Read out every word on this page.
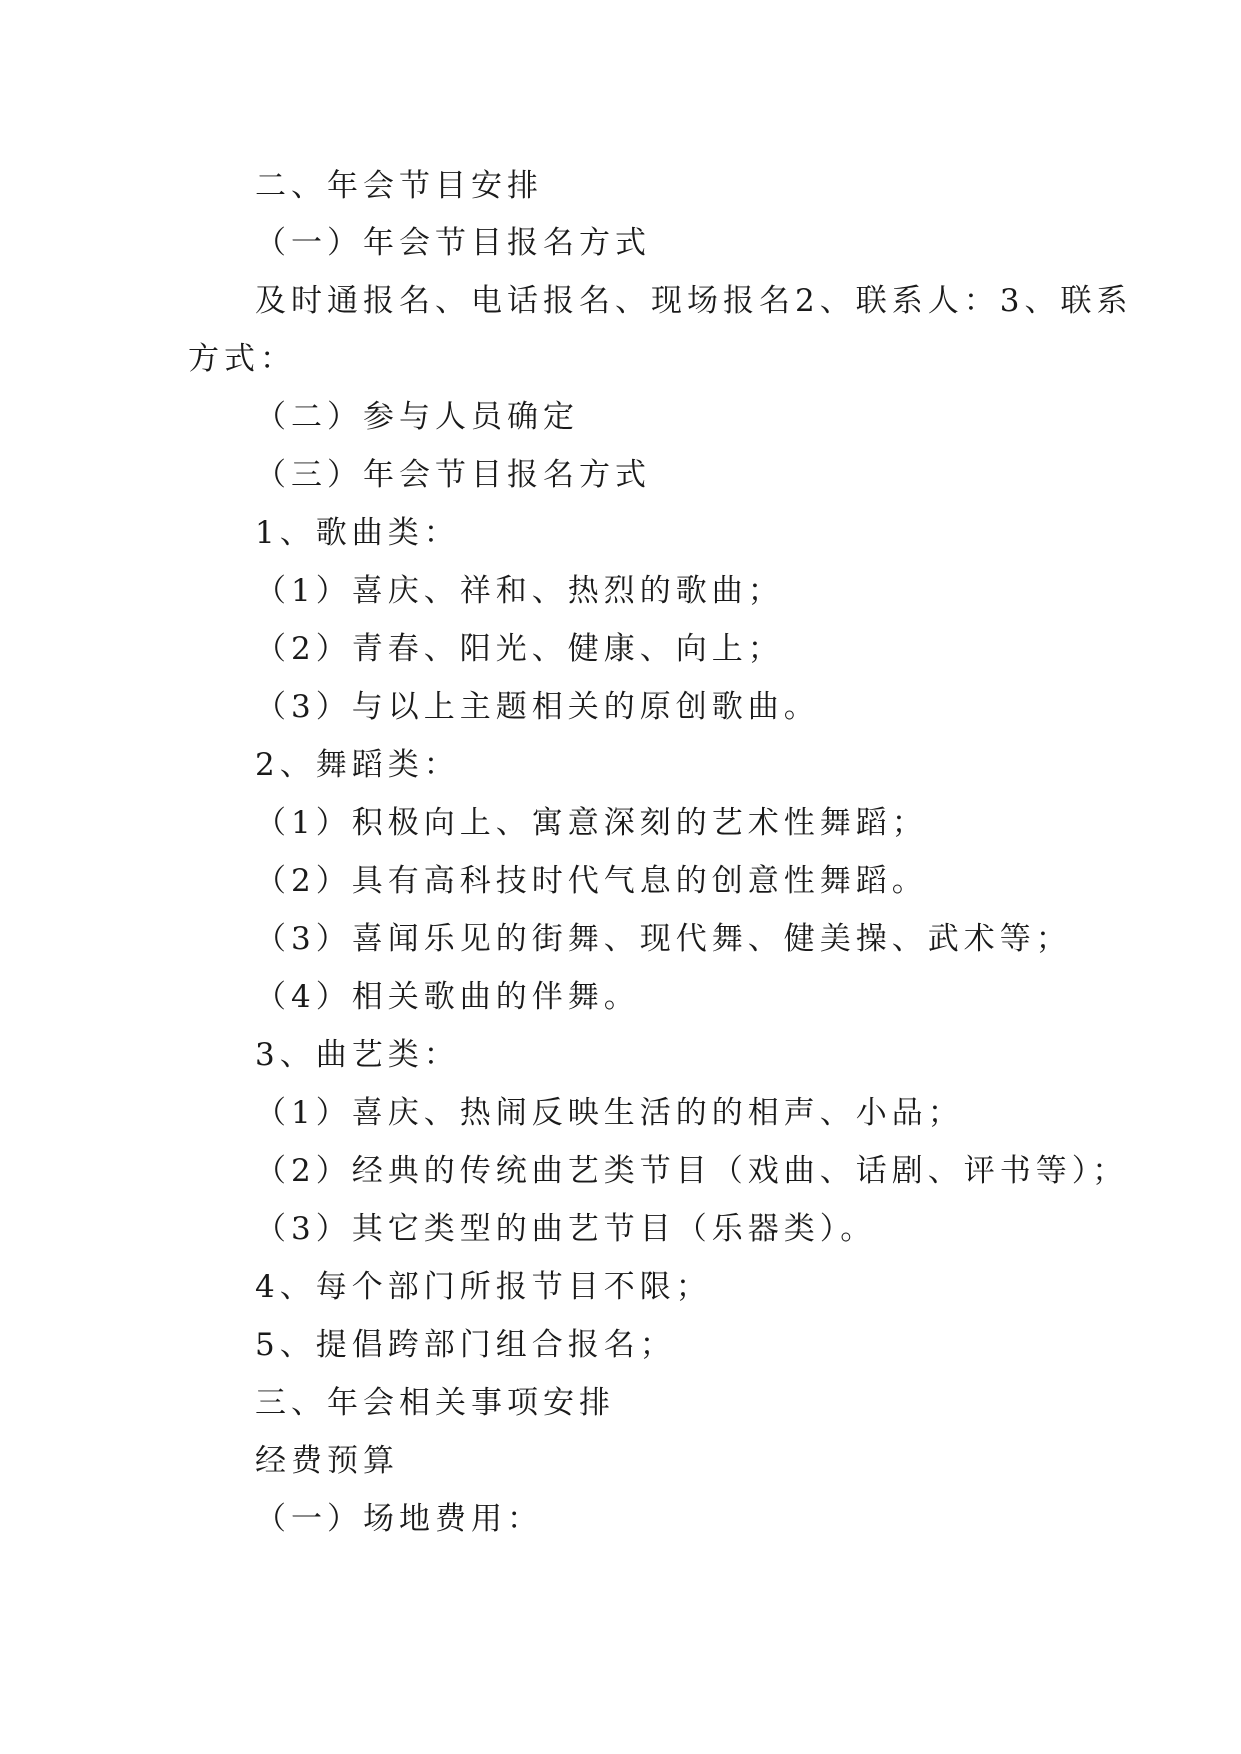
二、年会节目安排

（一）年会节目报名方式

及时通报名、电话报名、现场报名2、联系人：3、联系

方式：

（二）参与人员确定

（三）年会节目报名方式

1、歌曲类：

（1）喜庆、祥和、热烈的歌曲；

（2）青春、阳光、健康、向上；

（3）与以上主题相关的原创歌曲。

2、舞蹈类：

（1）积极向上、寓意深刻的艺术性舞蹈；

（2）具有高科技时代气息的创意性舞蹈。

（3）喜闻乐见的街舞、现代舞、健美操、武术等；

（4）相关歌曲的伴舞。

3、曲艺类：

（1）喜庆、热闹反映生活的的相声、小品；

（2）经典的传统曲艺类节目（戏曲、话剧、评书等）；

（3）其它类型的曲艺节目（乐器类）。

4、每个部门所报节目不限；

5、提倡跨部门组合报名；

三、年会相关事项安排

经费预算

（一）场地费用：
